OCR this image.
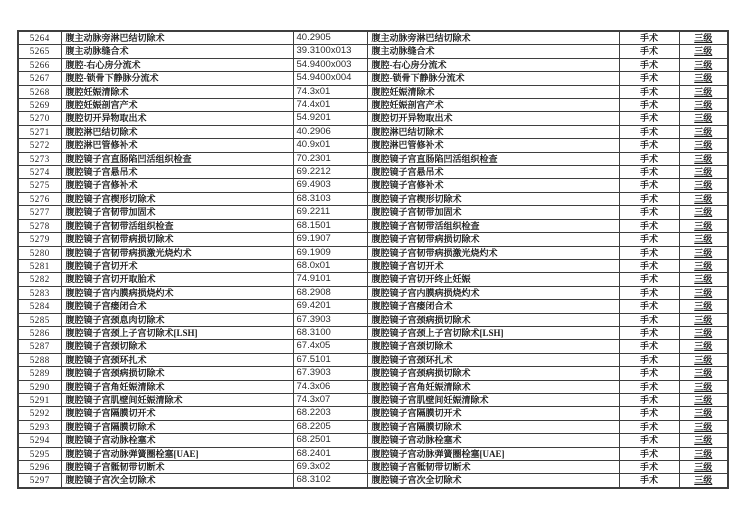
5264	腹主动脉旁淋巴结切除术	40.2905	腹主动脉旁淋巴结切除术	手术	三级
5265	腹主动脉缝合术	39.3100x013	腹主动脉缝合术	手术	三级
5266	腹腔-右心房分流术	54.9400x003	腹腔-右心房分流术	手术	三级
5267	腹腔-锁骨下静脉分流术	54.9400x004	腹腔-锁骨下静脉分流术	手术	三级
5268	腹腔妊娠清除术	74.3x01	腹腔妊娠清除术	手术	三级
5269	腹腔妊娠剖宫产术	74.4x01	腹腔妊娠剖宫产术	手术	三级
5270	腹腔切开异物取出术	54.9201	腹腔切开异物取出术	手术	三级
5271	腹腔淋巴结切除术	40.2906	腹腔淋巴结切除术	手术	三级
5272	腹腔淋巴管修补术	40.9x01	腹腔淋巴管修补术	手术	三级
5273	腹腔镜子宫直肠陷凹活组织检查	70.2301	腹腔镜子宫直肠陷凹活组织检查	手术	三级
5274	腹腔镜子宫悬吊术	69.2212	腹腔镜子宫悬吊术	手术	三级
5275	腹腔镜子宫修补术	69.4903	腹腔镜子宫修补术	手术	三级
5276	腹腔镜子宫楔形切除术	68.3103	腹腔镜子宫楔形切除术	手术	三级
5277	腹腔镜子宫韧带加固术	69.2211	腹腔镜子宫韧带加固术	手术	三级
5278	腹腔镜子宫韧带活组织检查	68.1501	腹腔镜子宫韧带活组织检查	手术	三级
5279	腹腔镜子宫韧带病损切除术	69.1907	腹腔镜子宫韧带病损切除术	手术	三级
5280	腹腔镜子宫韧带病损激光烧灼术	69.1909	腹腔镜子宫韧带病损激光烧灼术	手术	三级
5281	腹腔镜子宫切开术	68.0x01	腹腔镜子宫切开术	手术	三级
5282	腹腔镜子宫切开取胎术	74.9101	腹腔镜子宫切开终止妊娠	手术	三级
5283	腹腔镜子宫内膜病损烧灼术	68.2908	腹腔镜子宫内膜病损烧灼术	手术	三级
5284	腹腔镜子宫瘘闭合术	69.4201	腹腔镜子宫瘘闭合术	手术	三级
5285	腹腔镜子宫颈息肉切除术	67.3903	腹腔镜子宫颈病损切除术	手术	三级
5286	腹腔镜子宫颈上子宫切除术[LSH]	68.3100	腹腔镜子宫颈上子宫切除术[LSH]	手术	三级
5287	腹腔镜子宫颈切除术	67.4x05	腹腔镜子宫颈切除术	手术	三级
5288	腹腔镜子宫颈环扎术	67.5101	腹腔镜子宫颈环扎术	手术	三级
5289	腹腔镜子宫颈病损切除术	67.3903	腹腔镜子宫颈病损切除术	手术	三级
5290	腹腔镜子宫角妊娠清除术	74.3x06	腹腔镜子宫角妊娠清除术	手术	三级
5291	腹腔镜子宫肌壁间妊娠清除术	74.3x07	腹腔镜子宫肌壁间妊娠清除术	手术	三级
5292	腹腔镜子宫隔膜切开术	68.2203	腹腔镜子宫隔膜切开术	手术	三级
5293	腹腔镜子宫隔膜切除术	68.2205	腹腔镜子宫隔膜切除术	手术	三级
5294	腹腔镜子宫动脉栓塞术	68.2501	腹腔镜子宫动脉栓塞术	手术	三级
5295	腹腔镜子宫动脉弹簧圈栓塞[UAE]	68.2401	腹腔镜子宫动脉弹簧圈栓塞[UAE]	手术	三级
5296	腹腔镜子宫骶韧带切断术	69.3x02	腹腔镜子宫骶韧带切断术	手术	三级
5297	腹腔镜子宫次全切除术	68.3102	腹腔镜子宫次全切除术	手术	三级
